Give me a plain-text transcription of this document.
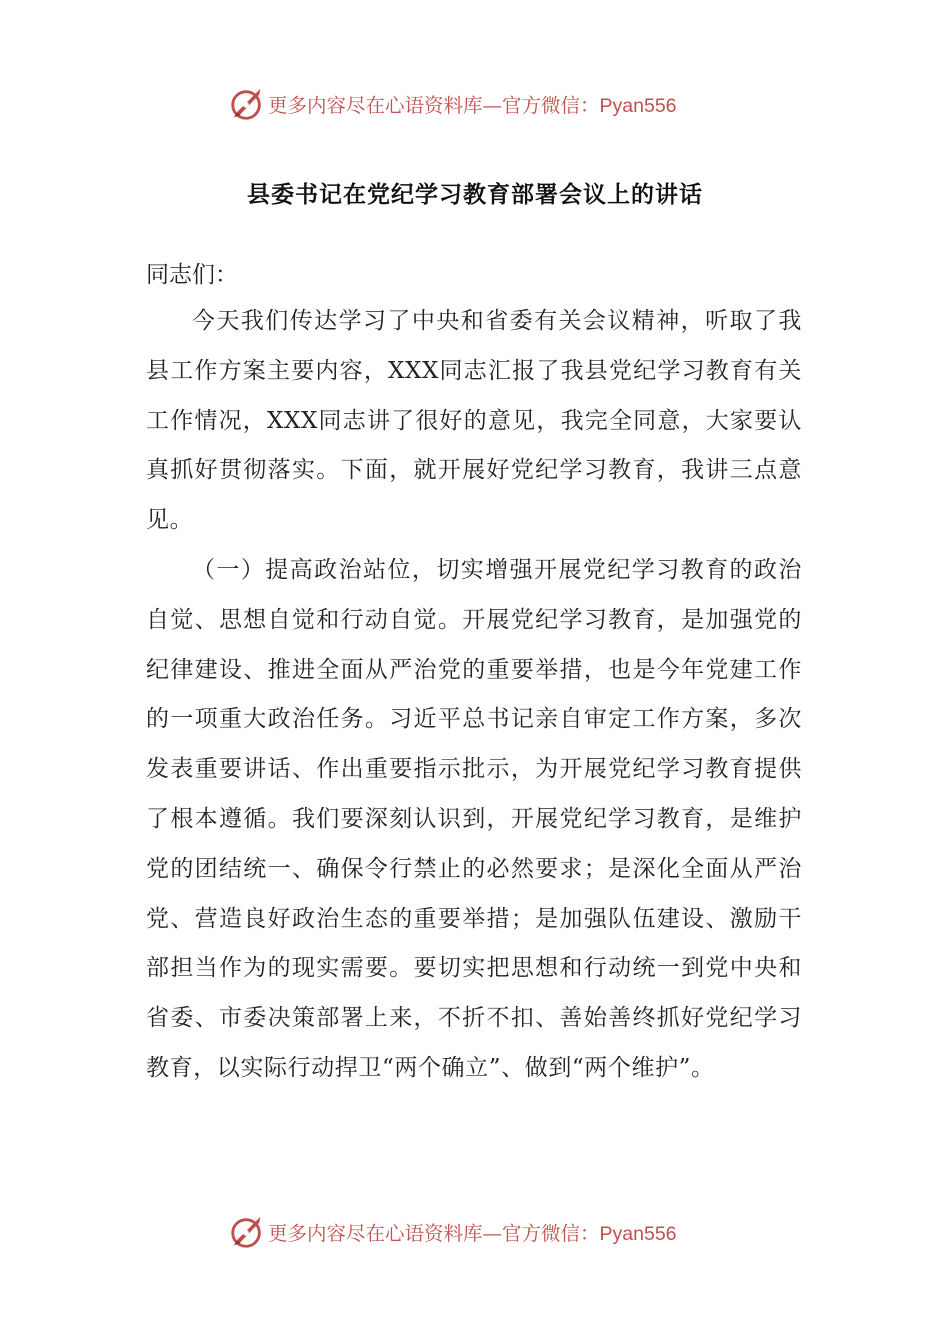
更多内容尽在心语资料库—官方微信：Pyan556
县委书记在党纪学习教育部署会议上的讲话
同志们：
今天我们传达学习了中央和省委有关会议精神，听取了我县工作方案主要内容，XXX同志汇报了我县党纪学习教育有关工作情况，XXX同志讲了很好的意见，我完全同意，大家要认真抓好贯彻落实。下面，就开展好党纪学习教育，我讲三点意见。
（一）提高政治站位，切实增强开展党纪学习教育的政治自觉、思想自觉和行动自觉。开展党纪学习教育，是加强党的纪律建设、推进全面从严治党的重要举措，也是今年党建工作的一项重大政治任务。习近平总书记亲自审定工作方案，多次发表重要讲话、作出重要指示批示，为开展党纪学习教育提供了根本遵循。我们要深刻认识到，开展党纪学习教育，是维护党的团结统一、确保令行禁止的必然要求；是深化全面从严治党、营造良好政治生态的重要举措；是加强队伍建设、激励干部担当作为的现实需要。要切实把思想和行动统一到党中央和省委、市委决策部署上来，不折不扣、善始善终抓好党纪学习教育，以实际行动捍卫“两个确立”、做到“两个维护”。
更多内容尽在心语资料库—官方微信：Pyan556
